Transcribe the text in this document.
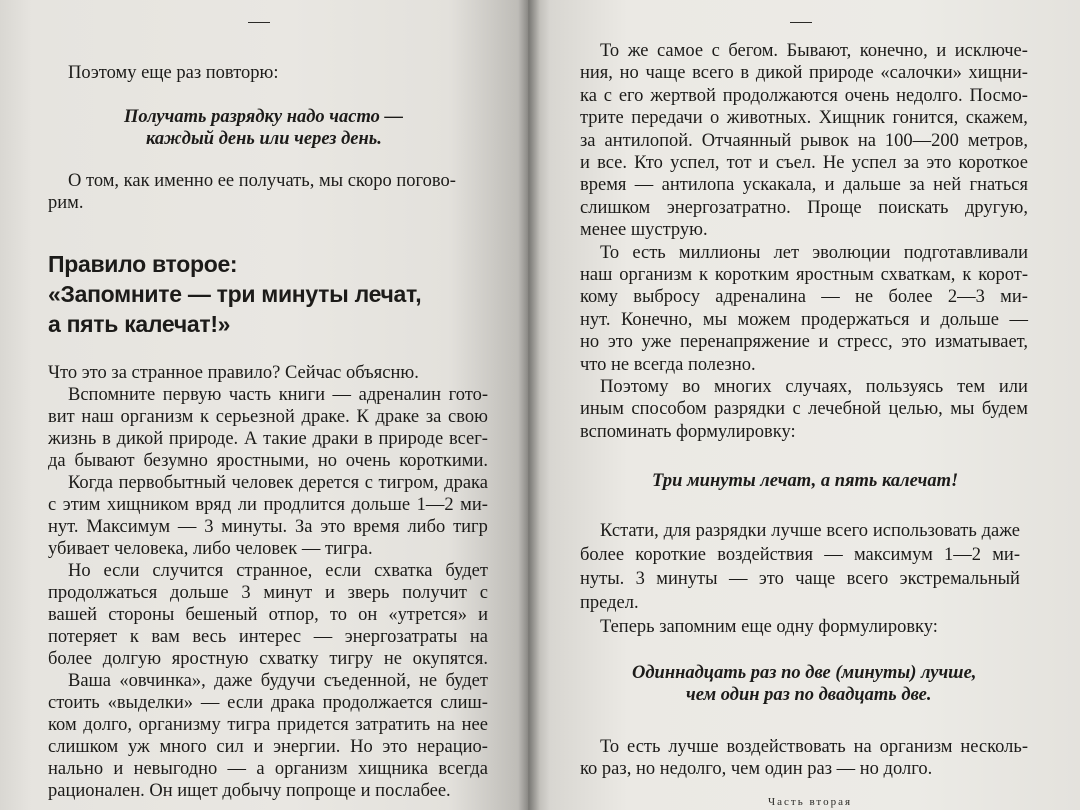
Поэтому еще раз повторю:
Получать разрядку надо часто —
каждый день или через день.
О том, как именно ее получать, мы скоро погово-
рим.
Правило второе:
«Запомните — три минуты лечат,
а пять калечат!»
Что это за странное правило? Сейчас объясню.
Вспомните первую часть книги — адреналин гото-
вит наш организм к серьезной драке. К драке за свою
жизнь в дикой природе. А такие драки в природе всег-
да бывают безумно яростными, но очень короткими.
Когда первобытный человек дерется с тигром, драка
с этим хищником вряд ли продлится дольше 1—2 ми-
нут. Максимум — 3 минуты. За это время либо тигр
убивает человека, либо человек — тигра.
Но если случится странное, если схватка будет
продолжаться дольше 3 минут и зверь получит с
вашей стороны бешеный отпор, то он «утрется» и
потеряет к вам весь интерес — энергозатраты на
более долгую яростную схватку тигру не окупятся.
Ваша «овчинка», даже будучи съеденной, не будет
стоить «выделки» — если драка продолжается слиш-
ком долго, организму тигра придется затратить на нее
слишком уж много сил и энергии. Но это нерацио-
нально и невыгодно — а организм хищника всегда
рационален. Он ищет добычу попроще и послабее.
То же самое с бегом. Бывают, конечно, и исключе-
ния, но чаще всего в дикой природе «салочки» хищни-
ка с его жертвой продолжаются очень недолго. Посмо-
трите передачи о животных. Хищник гонится, скажем,
за антилопой. Отчаянный рывок на 100—200 метров,
и все. Кто успел, тот и съел. Не успел за это короткое
время — антилопа ускакала, и дальше за ней гнаться
слишком энергозатратно. Проще поискать другую,
менее шуструю.
То есть миллионы лет эволюции подготавливали
наш организм к коротким яростным схваткам, к корот-
кому выбросу адреналина — не более 2—3 ми-
нут. Конечно, мы можем продержаться и дольше —
но это уже перенапряжение и стресс, это изматывает,
что не всегда полезно.
Поэтому во многих случаях, пользуясь тем или
иным способом разрядки с лечебной целью, мы будем
вспоминать формулировку:
Три минуты лечат, а пять калечат!
Кстати, для разрядки лучше всего использовать даже
более короткие воздействия — максимум 1—2 ми-
нуты. 3 минуты — это чаще всего экстремальный
предел.
Теперь запомним еще одну формулировку:
Одиннадцать раз по две (минуты) лучше,
чем один раз по двадцать две.
То есть лучше воздействовать на организм несколь-
ко раз, но недолго, чем один раз — но долго.
Часть вторая
